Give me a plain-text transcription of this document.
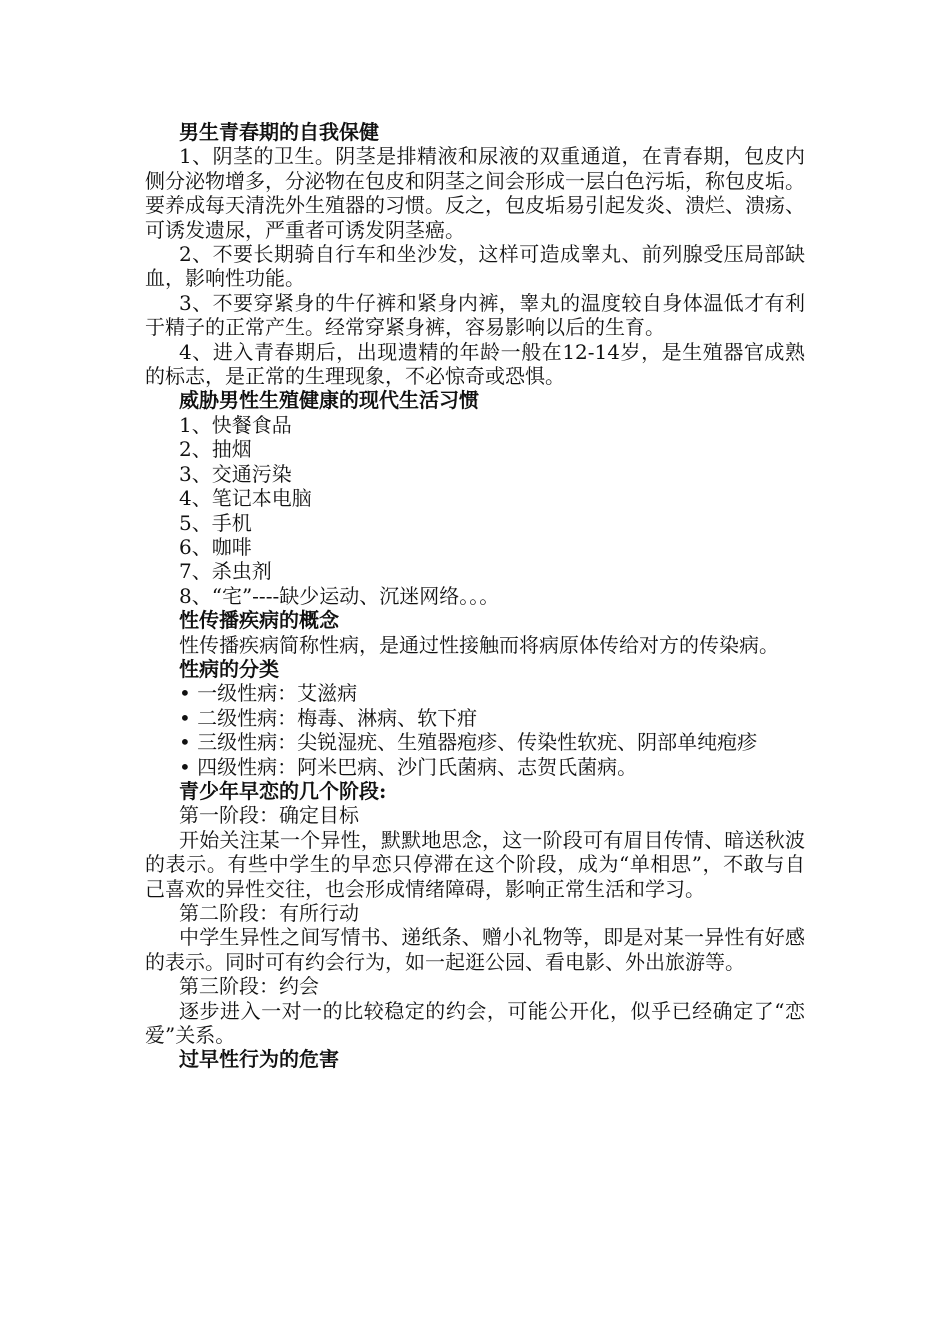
男生青春期的自我保健

1、阴茎的卫生。阴茎是排精液和尿液的双重通道，在青春期，包皮内侧分泌物增多，分泌物在包皮和阴茎之间会形成一层白色污垢，称包皮垢。要养成每天清洗外生殖器的习惯。反之，包皮垢易引起发炎、溃烂、溃疡、可诱发遗尿，严重者可诱发阴茎癌。

2、不要长期骑自行车和坐沙发，这样可造成睾丸、前列腺受压局部缺血，影响性功能。

3、不要穿紧身的牛仔裤和紧身内裤，睾丸的温度较自身体温低才有利于精子的正常产生。经常穿紧身裤，容易影响以后的生育。

4、进入青春期后，出现遗精的年龄一般在12-14岁，是生殖器官成熟的标志，是正常的生理现象，不必惊奇或恐惧。

威胁男性生殖健康的现代生活习惯

1、快餐食品

2、抽烟

3、交通污染

4、笔记本电脑

5、手机

6、咖啡

7、杀虫剂

8、“宅”----缺少运动、沉迷网络。。。

性传播疾病的概念

性传播疾病简称性病，是通过性接触而将病原体传给对方的传染病。

性病的分类

• 一级性病：艾滋病

• 二级性病：梅毒、淋病、软下疳

• 三级性病：尖锐湿疣、生殖器疱疹、传染性软疣、阴部单纯疱疹

• 四级性病：阿米巴病、沙门氏菌病、志贺氏菌病。

青少年早恋的几个阶段:

第一阶段：确定目标

开始关注某一个异性，默默地思念，这一阶段可有眉目传情、暗送秋波的表示。有些中学生的早恋只停滞在这个阶段，成为“单相思”，不敢与自己喜欢的异性交往，也会形成情绪障碍，影响正常生活和学习。

第二阶段：有所行动

中学生异性之间写情书、递纸条、赠小礼物等，即是对某一异性有好感的表示。同时可有约会行为，如一起逛公园、看电影、外出旅游等。

第三阶段：约会

逐步进入一对一的比较稳定的约会，可能公开化，似乎已经确定了“恋爱”关系。

过早性行为的危害
